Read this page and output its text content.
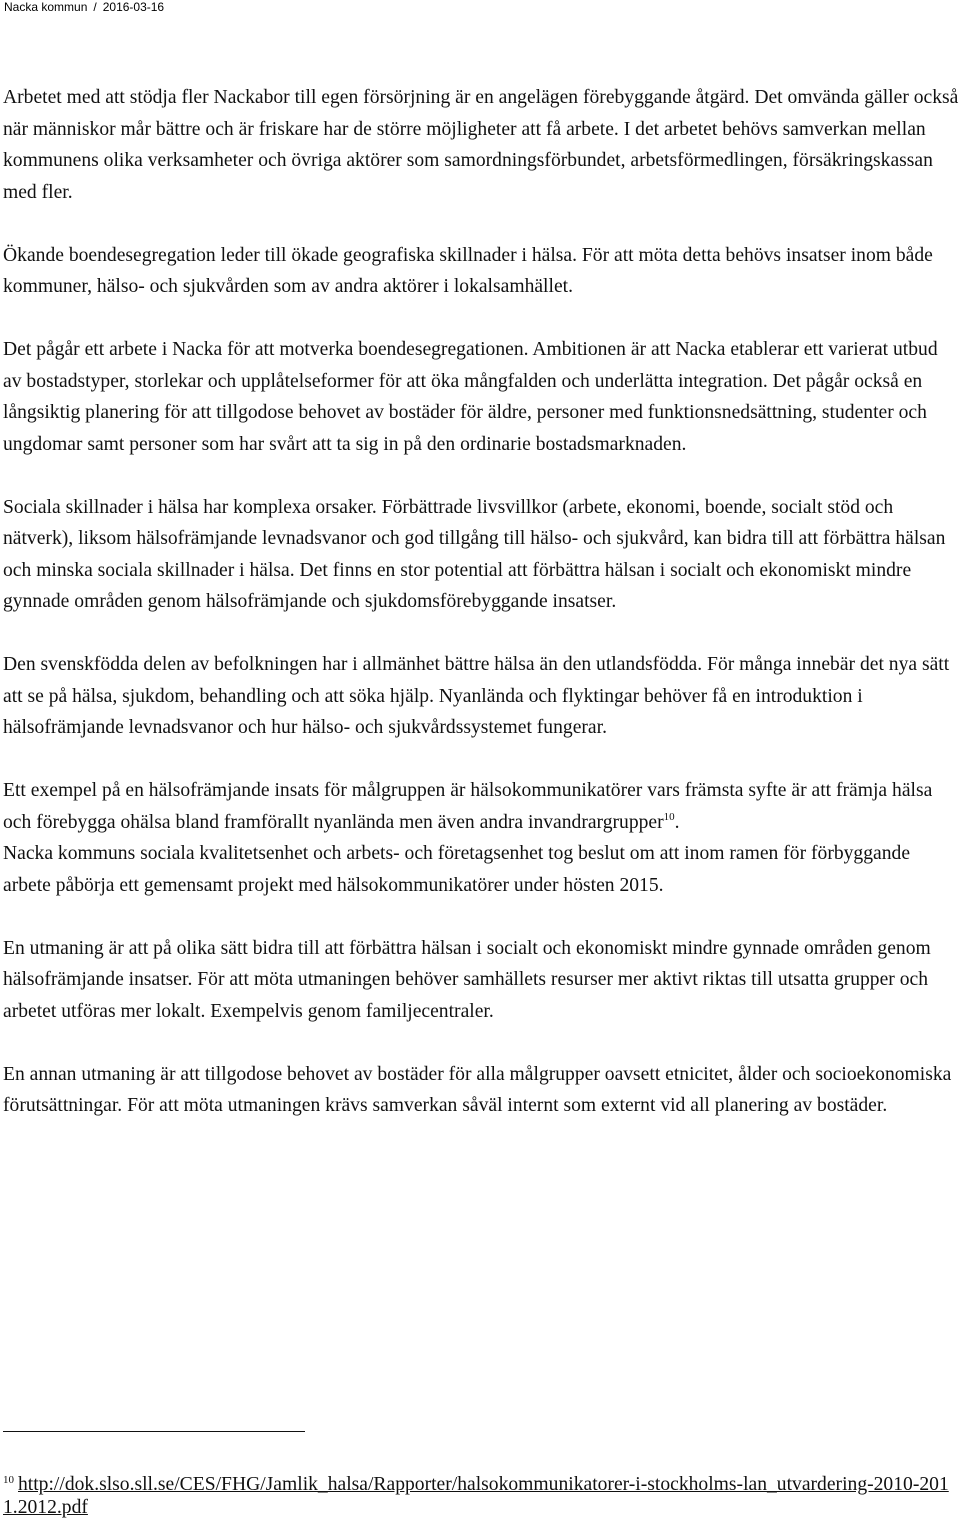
Nacka kommun / 2016-03-16

Arbetet med att stödja fler Nackabor till egen försörjning är en angelägen förebyggande åtgärd. Det omvända gäller också när människor mår bättre och är friskare har de större möjligheter att få arbete. I det arbetet behövs samverkan mellan kommunens olika verksamheter och övriga aktörer som samordningsförbundet, arbetsförmedlingen, försäkringskassan med fler.

Ökande boendesegregation leder till ökade geografiska skillnader i hälsa. För att möta detta behövs insatser inom både kommuner, hälso- och sjukvården som av andra aktörer i lokalsamhället.

Det pågår ett arbete i Nacka för att motverka boendesegregationen. Ambitionen är att Nacka etablerar ett varierat utbud av bostadstyper, storlekar och upplåtelseformer för att öka mångfalden och underlätta integration. Det pågår också en långsiktig planering för att tillgodose behovet av bostäder för äldre, personer med funktionsnedsättning, studenter och ungdomar samt personer som har svårt att ta sig in på den ordinarie bostadsmarknaden.

Sociala skillnader i hälsa har komplexa orsaker. Förbättrade livsvillkor (arbete, ekonomi, boende, socialt stöd och nätverk), liksom hälsofrämjande levnadsvanor och god tillgång till hälso- och sjukvård, kan bidra till att förbättra hälsan och minska sociala skillnader i hälsa. Det finns en stor potential att förbättra hälsan i socialt och ekonomiskt mindre gynnade områden genom hälsofrämjande och sjukdomsförebyggande insatser.

Den svenskfödda delen av befolkningen har i allmänhet bättre hälsa än den utlandsfödda. För många innebär det nya sätt att se på hälsa, sjukdom, behandling och att söka hjälp. Nyanlända och flyktingar behöver få en introduktion i hälsofrämjande levnadsvanor och hur hälso- och sjukvårdssystemet fungerar.

Ett exempel på en hälsofrämjande insats för målgruppen är hälsokommunikatörer vars främsta syfte är att främja hälsa och förebygga ohälsa bland framförallt nyanlända men även andra invandrargrupper$^{10}$.

Nacka kommuns sociala kvalitetsenhet och arbets- och företagsenhet tog beslut om att inom ramen för förbyggande arbete påbörja ett gemensamt projekt med hälsokommunikatörer under hösten 2015.

En utmaning är att på olika sätt bidra till att förbättra hälsan i socialt och ekonomiskt mindre gynnade områden genom hälsofrämjande insatser. För att möta utmaningen behöver samhällets resurser mer aktivt riktas till utsatta grupper och arbetet utföras mer lokalt. Exempelvis genom familjecentraler.

En annan utmaning är att tillgodose behovet av bostäder för alla målgrupper oavsett etnicitet, ålder och socioekonomiska förutsättningar. För att möta utmaningen krävs samverkan såväl internt som externt vid all planering av bostäder.

$^{10}$ http://dok.slso.sll.se/CES/FHG/Jamlik_halsa/Rapporter/halsokommunikatorer-i-stockholms-lan_utvardering-2010-2011.2012.pdf
